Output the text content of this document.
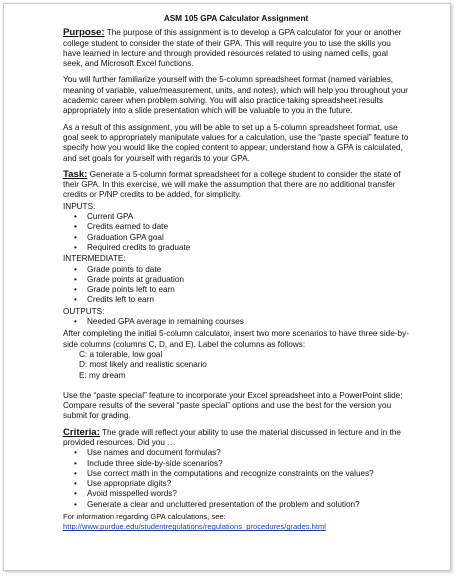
ASM 105 GPA Calculator Assignment

Purpose: The purpose of this assignment is to develop a GPA calculator for your or another college student to consider the state of their GPA. This will require you to use the skills you have learned in lecture and through provided resources related to using named cells, goal seek, and Microsoft Excel functions.

You will further familiarize yourself with the 5-column spreadsheet format (named variables, meaning of variable, value/measurement, units, and notes), which will help you throughout your academic career when problem solving. You will also practice taking spreadsheet results appropriately into a slide presentation which will be valuable to you in the future.

As a result of this assignment, you will be able to set up a 5-column spreadsheet format, use goal seek to appropriately manipulate values for a calculation, use the “paste special” feature to specify how you would like the copied content to appear, understand how a GPA is calculated, and set goals for yourself with regards to your GPA.

Task: Generate a 5-column format spreadsheet for a college student to consider the state of their GPA. In this exercise, we will make the assumption that there are no additional transfer credits or P/NP credits to be added, for simplicity.

INPUTS:
• Current GPA
• Credits earned to date
• Graduation GPA goal
• Required credits to graduate
INTERMEDIATE:
• Grade points to date
• Grade points at graduation
• Grade points left to earn
• Credits left to earn
OUTPUTS:
• Needed GPA average in remaining courses

After completing the initial 5-column calculator, insert two more scenarios to have three side-by-side columns (columns C, D, and E). Label the columns as follows:

C: a tolerable, low goal
D: most likely and realistic scenario
E: my dream

Use the “paste special” feature to incorporate your Excel spreadsheet into a PowerPoint slide; Compare results of the several “paste special” options and use the best for the version you submit for grading.

Criteria: The grade will reflect your ability to use the material discussed in lecture and in the provided resources. Did you …

• Use names and document formulas?
• Include three side-by-side scenarios?
• Use correct math in the computations and recognize constraints on the values?
• Use appropriate digits?
• Avoid misspelled words?
• Generate a clear and uncluttered presentation of the problem and solution?
For information regarding GPA calculations, see:
http://www.purdue.edu/studentregulations/regulations_procedures/grades.html
